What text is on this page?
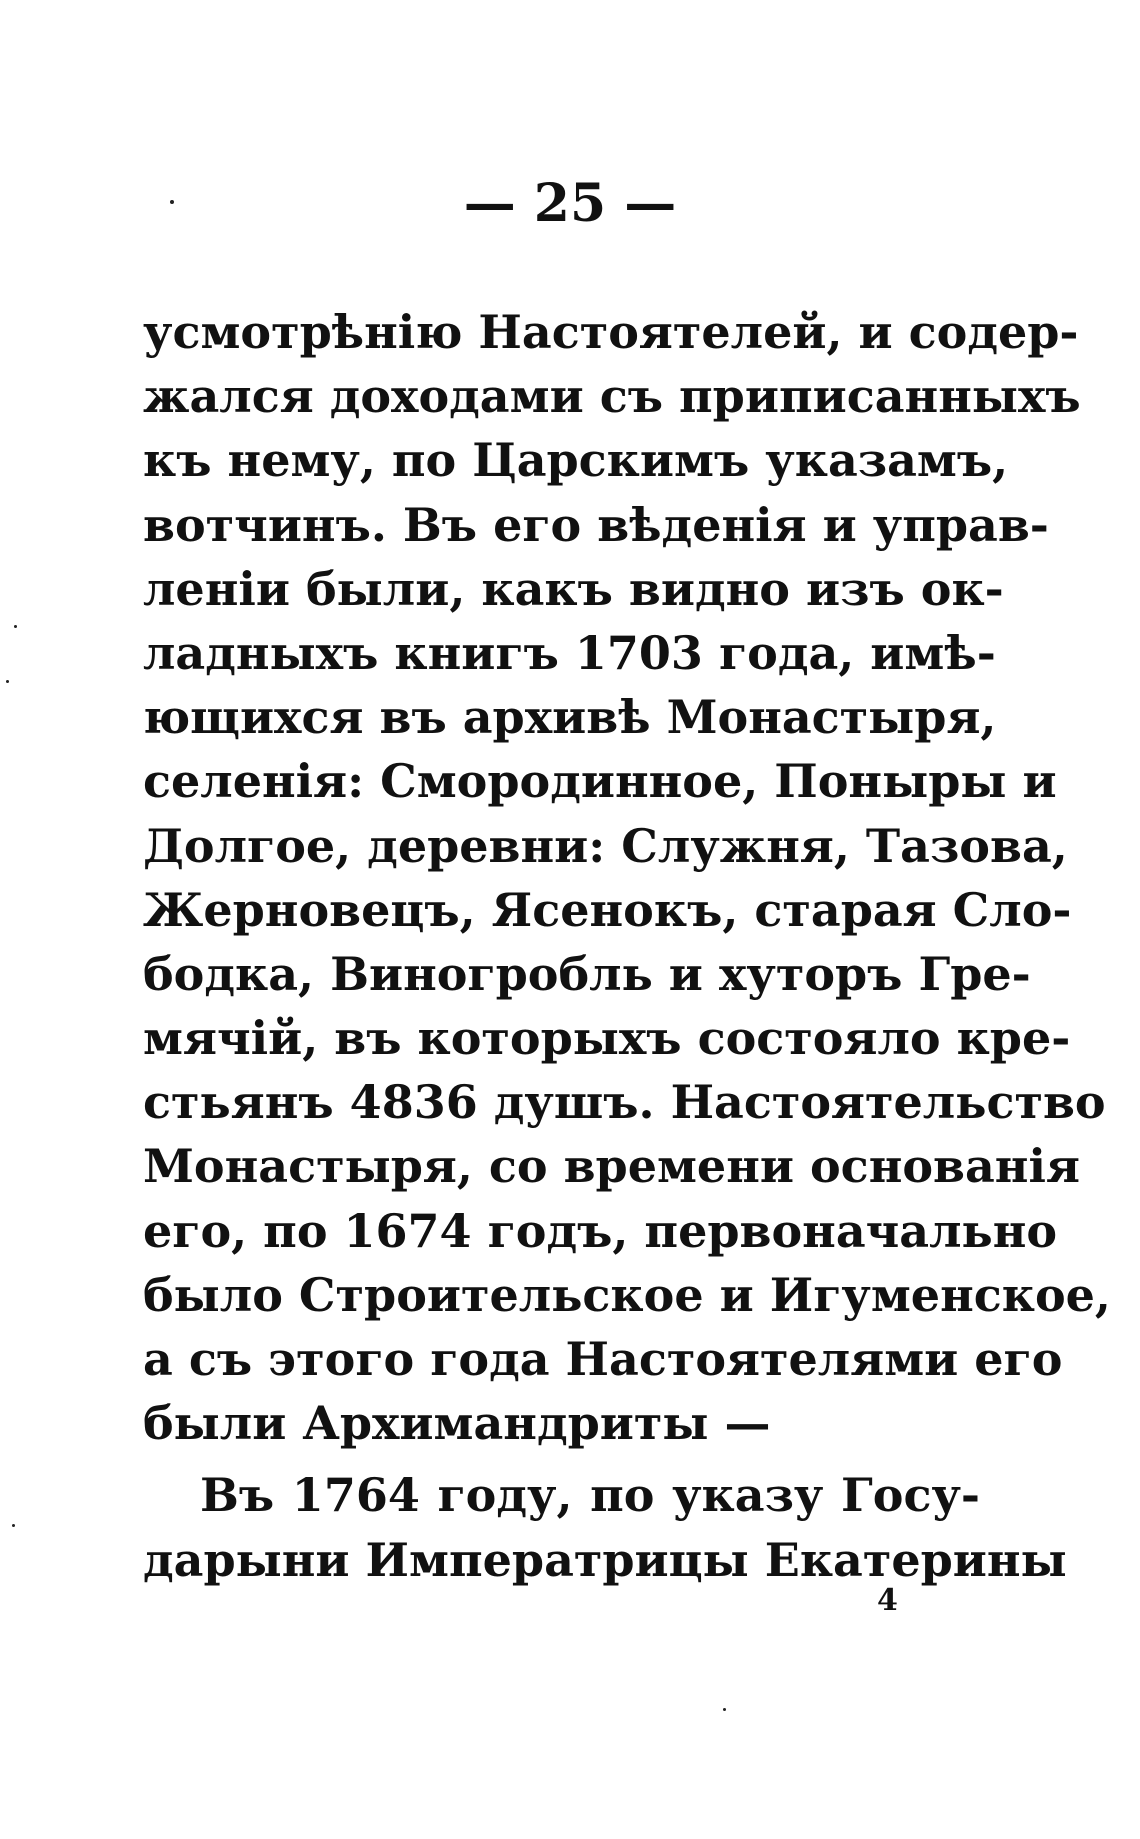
— 25 —
усмотрѣнію Настоятелей, и содер-
жался доходами съ приписанныхъ
къ нему, по Царскимъ указамъ,
вотчинъ. Въ его вѣденія и управ-
леніи были, какъ видно изъ ок-
ладныхъ книгъ 1703 года, имѣ-
ющихся въ архивѣ Монастыря,
селенія: Смородинное, Поныры и
Долгое, деревни: Служня, Тазова,
Жерновецъ, Ясенокъ, старая Сло-
бодка, Виногробль и хуторъ Гре-
мячій, въ которыхъ состояло кре-
стьянъ 4836 душъ. Настоятельство
Монастыря, со времени основанія
его, по 1674 годъ, первоначально
было Строительское и Игуменское,
а съ этого года Настоятелями его
были Архимандриты —
Въ 1764 году, по указу Госу-
дарыни Императрицы Екатерины
4
